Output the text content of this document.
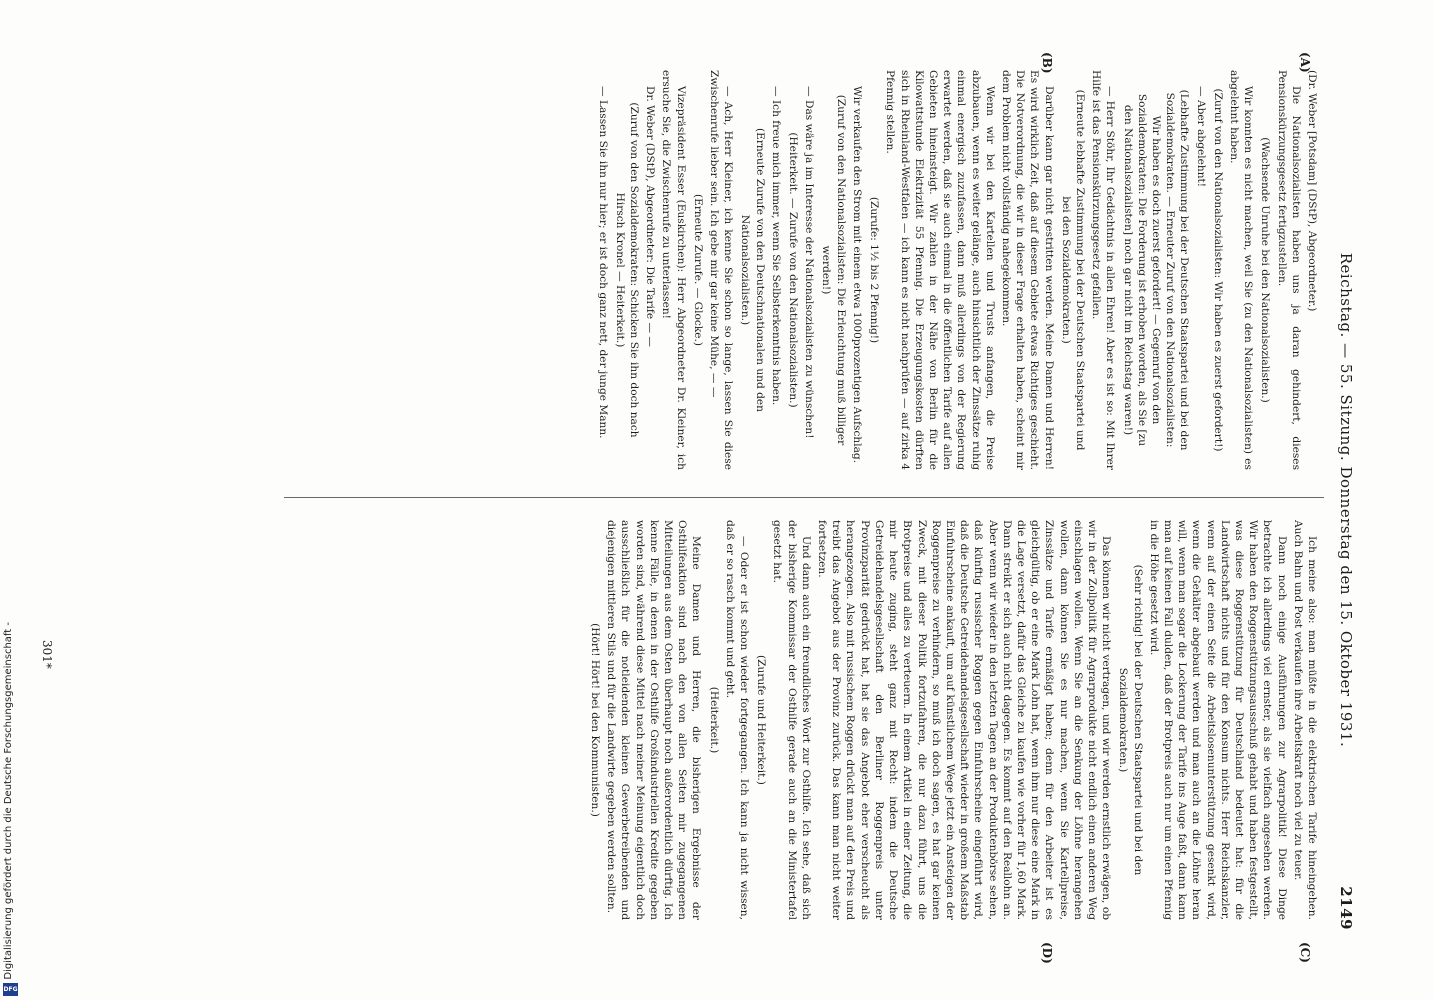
Reichstag. — 55. Sitzung. Donnerstag den 15. Oktober 1931.
2149
(A)
(B)
(C)
(D)

(Dr. Weber [Potsdam] (DStP), Abgeordneter.)

Die Nationalsozialisten haben uns ja daran gehindert, dieses Pensionskürzungsgesetz fertigzustellen.

(Wachsende Unruhe bei den Nationalsozialisten.)

Wir konnten es nicht machen, weil Sie (zu den Nationalsozialisten) es abgelehnt haben.

(Zuruf von den Nationalsozialisten: Wir haben es zuerst gefordert!)

— Aber abgelehnt!

(Lebhafte Zustimmung bei der Deutschen Staatspartei und bei den Sozialdemokraten. — Erneuter Zuruf von den Nationalsozialisten: Wir haben es doch zuerst gefordert! — Gegenruf von den Sozialdemokraten: Die Forderung ist erhoben worden, als Sie [zu den Nationalsozialisten] noch gar nicht im Reichstag waren!)

— Herr Stöhr, Ihr Gedächtnis in allen Ehren! Aber es ist so: Mit Ihrer Hilfe ist das Pensionskürzungsgesetz gefallen.

(Erneute lebhafte Zustimmung bei der Deutschen Staatspartei und bei den Sozialdemokraten.)

Darüber kann gar nicht gestritten werden. Meine Damen und Herren! Es wird wirklich Zeit, daß auf diesem Gebiete etwas Richtiges geschieht. Die Notverordnung, die wir in dieser Frage erhalten haben, scheint mir dem Problem nicht vollständig nahegekommen.

Wenn wir bei den Kartellen und Trusts anfangen, die Preise abzubauen, wenn es weiter gelänge, auch hinsichtlich der Zinssätze ruhig einmal energisch zuzufassen, dann muß allerdings von der Regierung erwartet werden, daß sie auch einmal in die öffentlichen Tarife auf allen Gebieten hineinsteigt. Wir zahlen in der Nähe von Berlin für die Kilowattstunde Elektrizität 55 Pfennig. Die Erzeugungskosten dürften sich in Rheinland-Westfalen — ich kann es nicht nachprüfen — auf zirka 4 Pfennig stellen.

(Zurufe: 1½ bis 2 Pfennig!)

Wir verkaufen den Strom mit einem etwa 1000prozentigen Aufschlag.

(Zuruf von den Nationalsozialisten: Die Erleuchtung muß billiger werden!)

— Das wäre ja im Interesse der Nationalsozialisten zu wünschen!

(Heiterkeit. — Zurufe von den Nationalsozialisten.)

— Ich freue mich immer, wenn Sie Selbsterkenntnis haben.

(Erneute Zurufe von den Deutschnationalen und den Nationalsozialisten.)

— Ach, Herr Kleiner, ich kenne Sie schon so lange, lassen Sie diese Zwischenrufe lieber sein. Ich gebe mir gar keine Mühe, — —

(Erneute Zurufe. — Glocke.)

Vizepräsident Esser (Euskirchen): Herr Abgeordneter Dr. Kleiner, ich ersuche Sie, die Zwischenrufe zu unterlassen!

Dr. Weber (DStP), Abgeordneter: Die Tarife — —

(Zuruf von den Sozialdemokraten: Schicken Sie ihn doch nach Hirsch Kronel — Heiterkeit.)

— Lassen Sie ihn nur hier; er ist doch ganz nett, der junge Mann.

Ich meine also: man müßte in die elektrischen Tarife hineingehen. Auch Bahn und Post verkaufen ihre Arbeitskraft noch viel zu teuer.

Dann noch einige Ausführungen zur Agrarpolitik! Diese Dinge betrachte ich allerdings viel ernster, als sie vielfach angesehen werden. Wir haben den Roggenstützungsausschuß gehabt und haben festgestellt, was diese Roggenstützung für Deutschland bedeutet hat: für die Landwirtschaft nichts und für den Konsum nichts. Herr Reichskanzler, wenn auf der einen Seite die Arbeitslosenunterstützung gesenkt wird, wenn die Gehälter abgebaut werden und man auch an die Löhne heran will, wenn man sogar die Lockerung der Tarife ins Auge faßt, dann kann man auf keinen Fall dulden, daß der Brotpreis auch nur um einen Pfennig in die Höhe gesetzt wird.

(Sehr richtig! bei der Deutschen Staatspartei und bei den Sozialdemokraten.)

Das können wir nicht vertragen, und wir werden ernstlich erwägen, ob wir in der Zollpolitik für Agrarprodukte nicht endlich einen anderen Weg einschlagen wollen. Wenn Sie an die Senkung der Löhne herangehen wollen, dann können Sie es nur machen, wenn Sie Kartellpreise, Zinssätze und Tarife ermäßigt haben; denn für den Arbeiter ist es gleichgültig, ob er eine Mark Lohn hat, wenn ihm nur diese eine Mark in die Lage versetzt, dafür das Gleiche zu kaufen wie vorher für 1,60 Mark. Dann streikt er sich auch nicht dagegen. Es kommt auf den Reallohn an. Aber wenn wir wieder in den letzten Tagen an der Produktenbörse sehen, daß künftig russischer Roggen gegen Einfuhrscheine eingeführt wird, daß die Deutsche Getreidehandelsgesellschaft wieder in großem Maßstab Einfuhrscheine ankauft, um auf künstlichem Wege jetzt ein Ansteigen der Roggenpreise zu verhindern, so muß ich doch sagen, es hat gar keinen Zweck, mit dieser Politik fortzufahren, die nur dazu führt, uns die Brotpreise und alles zu verteuern. In einem Artikel in einer Zeitung, die mir heute zuging, steht ganz mit Recht: indem die Deutsche Getreidehandelsgesellschaft den Berliner Roggenpreis unter Provinzparität gedrückt hat, hat sie das Angebot eher verscheucht als herangezogen. Also mit russischem Roggen drückt man auf den Preis und treibt das Angebot aus der Provinz zurück. Das kann man nicht weiter fortsetzen.

Und dann auch ein freundliches Wort zur Osthilfe. Ich sehe, daß sich der bisherige Kommissar der Osthilfe gerade auch an die Ministertafel gesetzt hat.

(Zurufe und Heiterkeit.)

— Oder er ist schon wieder fortgegangen. Ich kann ja nicht wissen, daß er so rasch kommt und geht.

(Heiterkeit.)

Meine Damen und Herren, die bisherigen Ergebnisse der Osthilfeaktion sind nach den von allen Seiten mir zugegangenen Mitteilungen aus dem Osten überhaupt noch außerordentlich dürftig. Ich kenne Fälle, in denen in der Osthilfe Großindustriellen Kredite gegeben worden sind, während diese Mittel nach meiner Meinung eigentlich doch ausschließlich für die notleidenden kleinen Gewerbetreibenden und diejenigen mittleren Stils und für die Landwirte gegeben werden sollten.

(Hört! Hört! bei den Kommunisten.)

301*
Digitalisierung gefördert durch die Deutsche Forschungsgemeinschaft -
DFG
